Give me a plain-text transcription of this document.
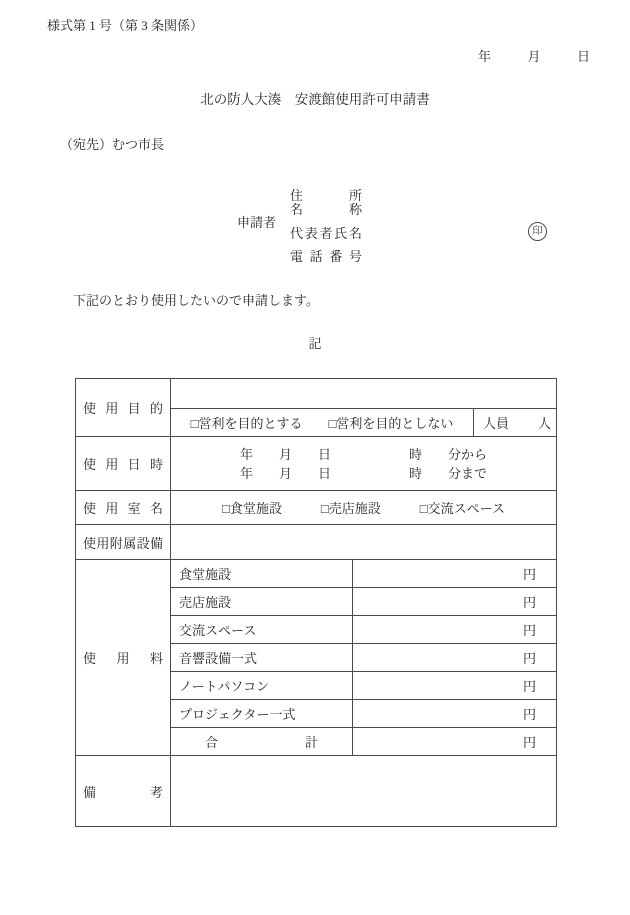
様式第 1 号（第 3 条関係）
年　月　日
北の防人大湊　安渡館使用許可申請書
（宛先）むつ市長
申請者
住所
名称
代表者氏名
電話番号
印
下記のとおり使用したいので申請します。
記
使用目的			
	□営利を目的とする　　□営利を目的としない		人員 人

使用日時	年　　月　　日　　　　　　時　　分から
年　　月　　日　　　　　　時　　分まで		

使用室名	□食堂施設　　　□売店施設　　　□交流スペース		
使用附属設備			
使用料	食堂施設	円	
	売店施設	円	
	交流スペース	円	
	音響設備一式	円	
	ノートパソコン	円	
	プロジェクター一式	円	
	合計	円	
備考			
